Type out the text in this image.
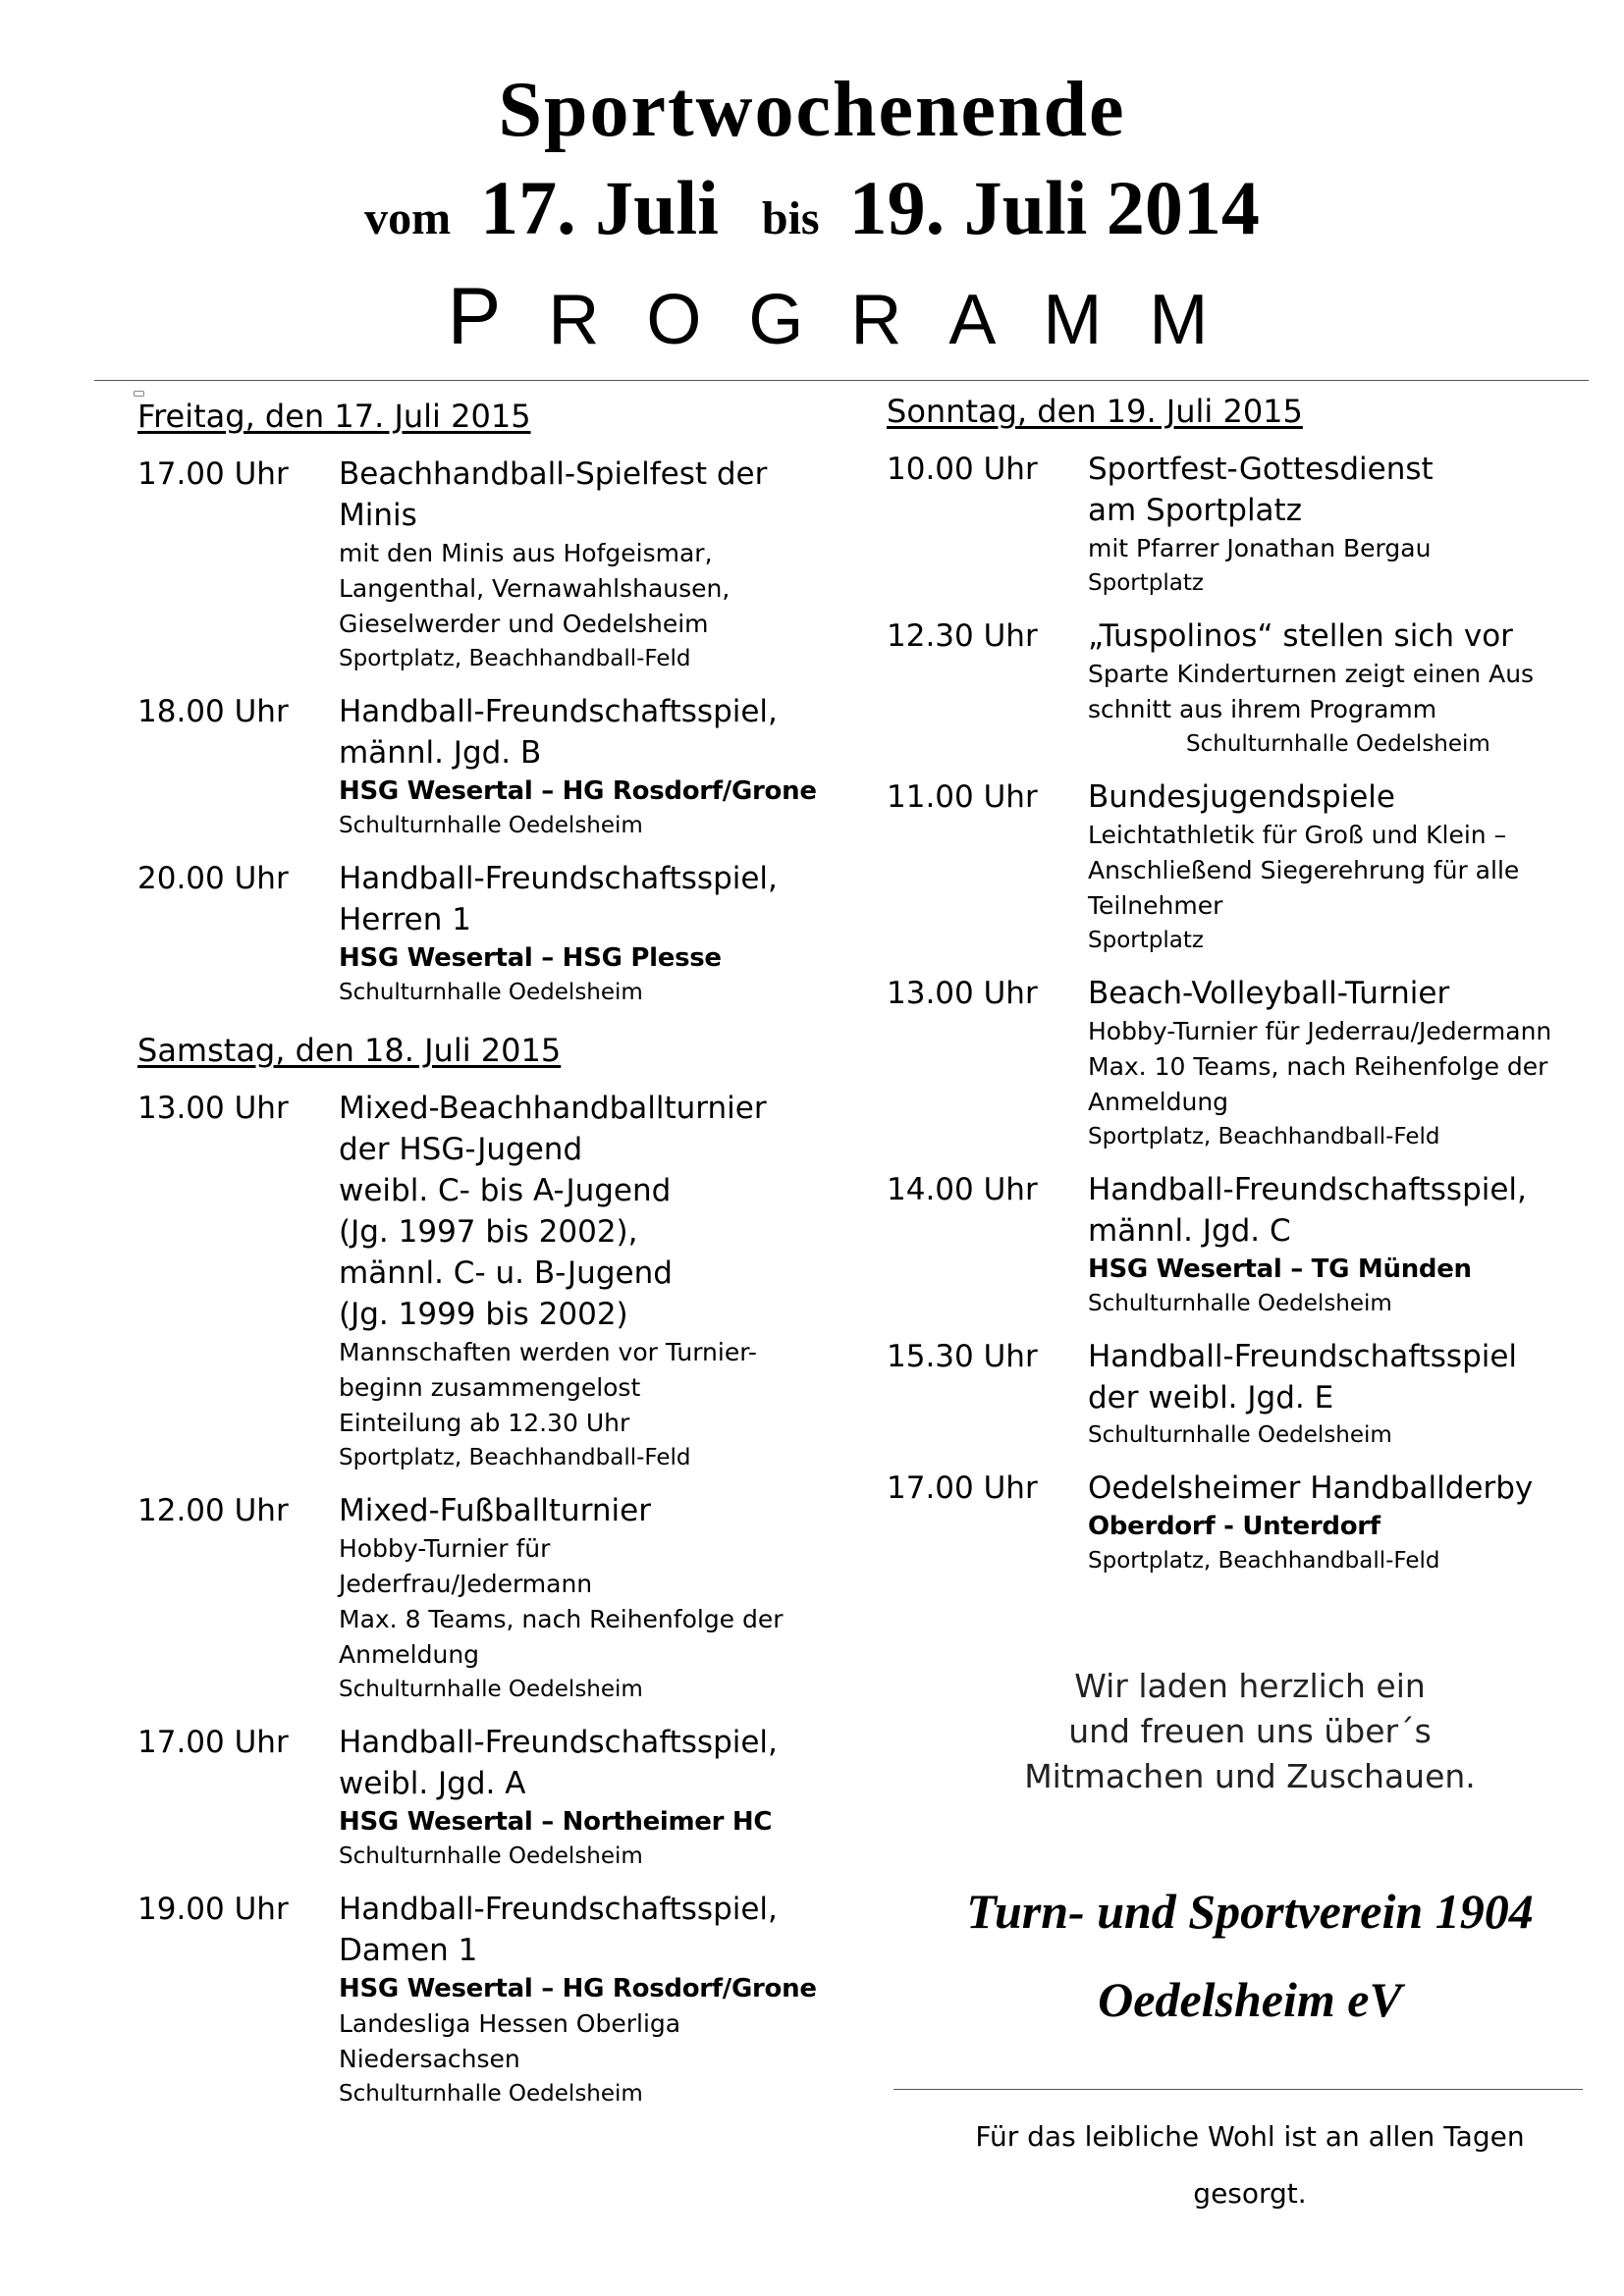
Sportwochenende
vom 17. Juli bis 19. Juli 2014
PROGRAMM
Freitag, den 17. Juli 2015
17.00 Uhr Beachhandball-Spielfest der
Minis
mit den Minis aus Hofgeismar,
Langenthal, Vernawahlshausen,
Gieselwerder und Oedelsheim
Sportplatz, Beachhandball-Feld
18.00 Uhr Handball-Freundschaftsspiel,
männl. Jgd. B
HSG Wesertal – HG Rosdorf/Grone
Schulturnhalle Oedelsheim
20.00 Uhr Handball-Freundschaftsspiel,
Herren 1
HSG Wesertal – HSG Plesse
Schulturnhalle Oedelsheim
Samstag, den 18. Juli 2015
13.00 Uhr Mixed-Beachhandballturnier
der HSG-Jugend
weibl. C- bis A-Jugend
(Jg. 1997 bis 2002),
männl. C- u. B-Jugend
(Jg. 1999 bis 2002)
Mannschaften werden vor Turnier-
beginn zusammengelost
Einteilung ab 12.30 Uhr
Sportplatz, Beachhandball-Feld
12.00 Uhr Mixed-Fußballturnier
Hobby-Turnier für
Jederfrau/Jedermann
Max. 8 Teams, nach Reihenfolge der
Anmeldung
Schulturnhalle Oedelsheim
17.00 Uhr Handball-Freundschaftsspiel,
weibl. Jgd. A
HSG Wesertal – Northeimer HC
Schulturnhalle Oedelsheim
19.00 Uhr Handball-Freundschaftsspiel,
Damen 1
HSG Wesertal – HG Rosdorf/Grone
Landesliga Hessen Oberliga Niedersachsen
Schulturnhalle Oedelsheim
Sonntag, den 19. Juli 2015
10.00 Uhr Sportfest-Gottesdienst
am Sportplatz
mit Pfarrer Jonathan Bergau
Sportplatz
12.30 Uhr „Tuspolinos“ stellen sich vor
Sparte Kinderturnen zeigt einen Aus
schnitt aus ihrem Programm
Schulturnhalle Oedelsheim
11.00 Uhr Bundesjugendspiele
Leichtathletik für Groß und Klein –
Anschließend Siegerehrung für alle
Teilnehmer
Sportplatz
13.00 Uhr Beach-Volleyball-Turnier
Hobby-Turnier für Jederrau/Jedermann
Max. 10 Teams, nach Reihenfolge der
Anmeldung
Sportplatz, Beachhandball-Feld
14.00 Uhr Handball-Freundschaftsspiel,
männl. Jgd. C
HSG Wesertal – TG Münden
Schulturnhalle Oedelsheim
15.30 Uhr Handball-Freundschaftsspiel
der weibl. Jgd. E
Schulturnhalle Oedelsheim
17.00 Uhr Oedelsheimer Handballderby
Oberdorf - Unterdorf
Sportplatz, Beachhandball-Feld
Wir laden herzlich ein
und freuen uns über´s
Mitmachen und Zuschauen.
Turn- und Sportverein 1904
Oedelsheim eV
Für das leibliche Wohl ist an allen Tagen
gesorgt.
